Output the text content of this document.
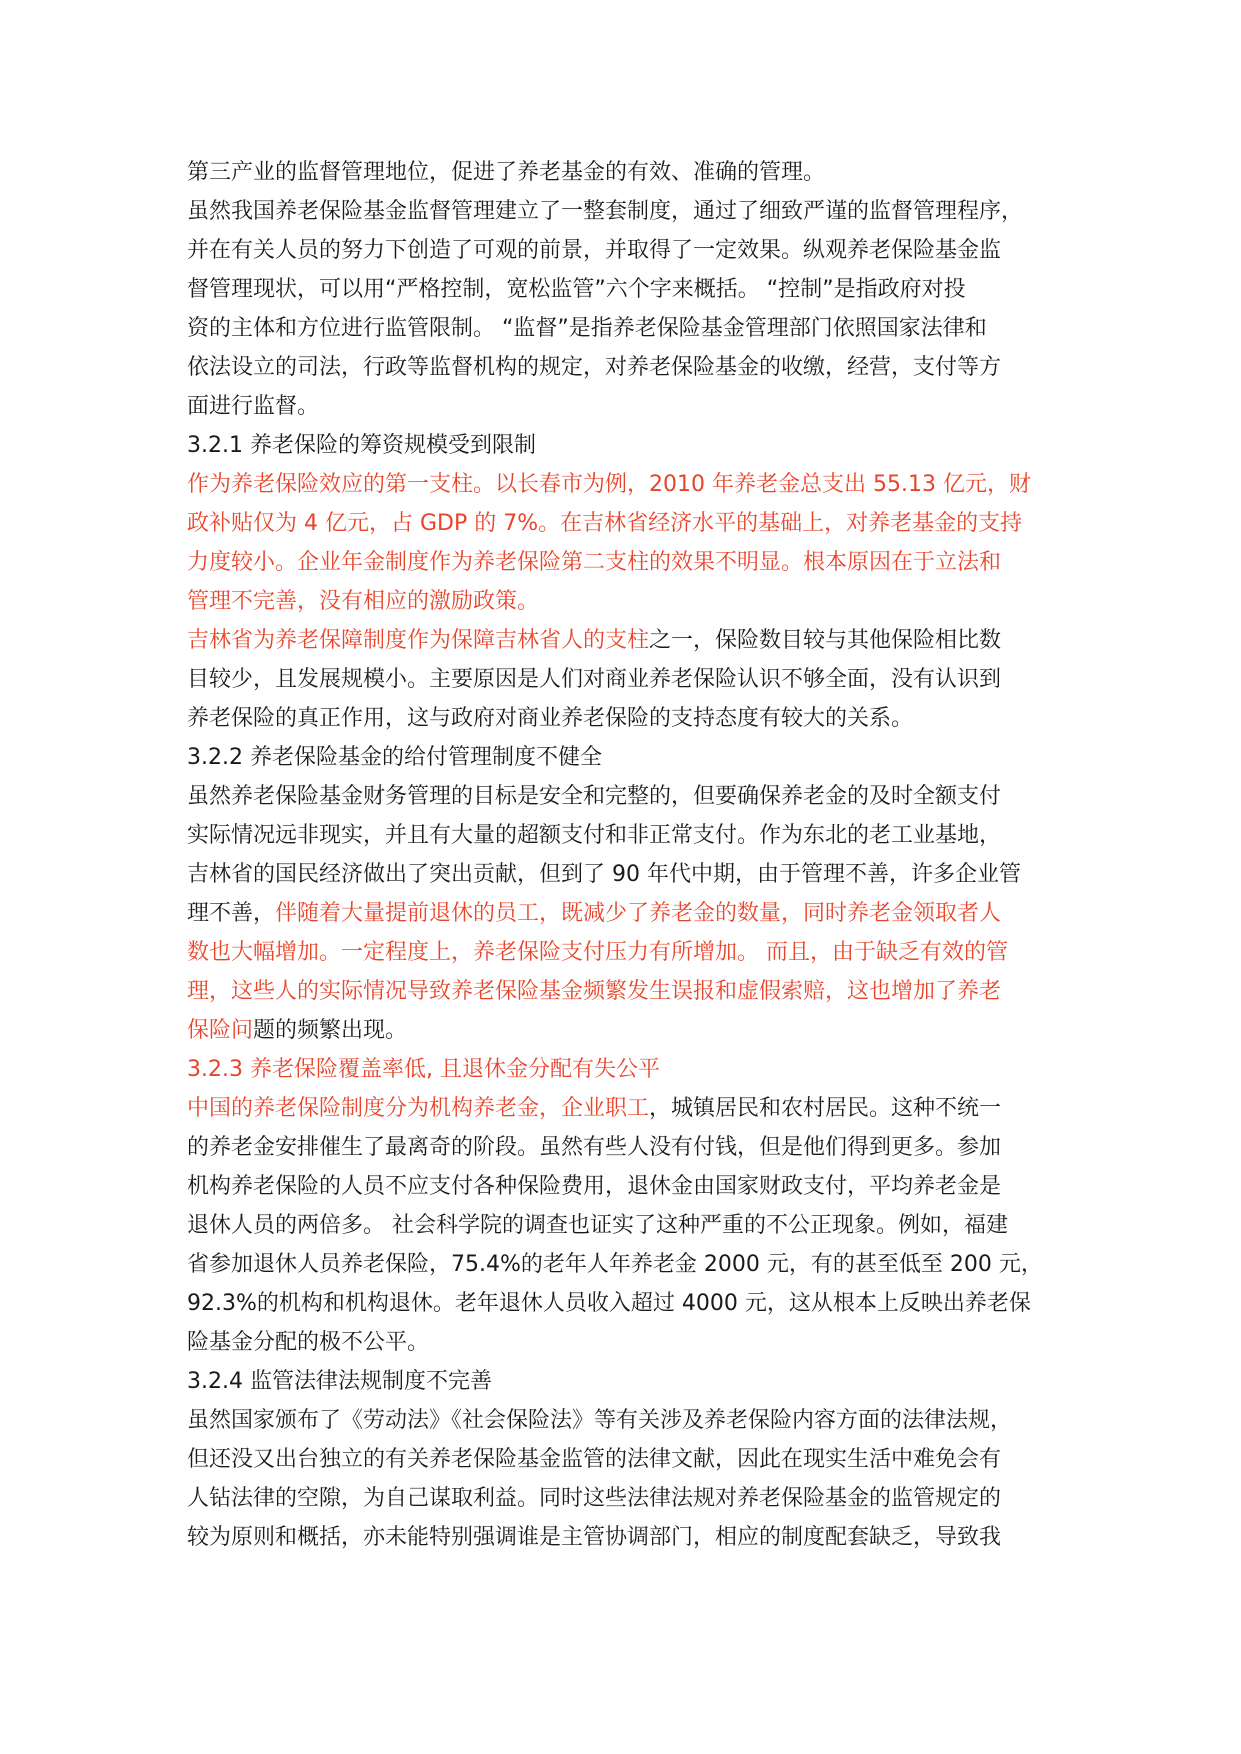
第三产业的监督管理地位，促进了养老基金的有效、准确的管理。
虽然我国养老保险基金监督管理建立了一整套制度，通过了细致严谨的监督管理程序，
并在有关人员的努力下创造了可观的前景，并取得了一定效果。纵观养老保险基金监
督管理现状，可以用“严格控制，宽松监管”六个字来概括。 “控制”是指政府对投
资的主体和方位进行监管限制。 “监督”是指养老保险基金管理部门依照国家法律和
依法设立的司法，行政等监督机构的规定，对养老保险基金的收缴，经营，支付等方
面进行监督。
3.2.1 养老保险的筹资规模受到限制
作为养老保险效应的第一支柱。以长春市为例，2010 年养老金总支出 55.13 亿元，财
政补贴仅为 4 亿元，占 GDP 的 7%。在吉林省经济水平的基础上，对养老基金的支持
力度较小。企业年金制度作为养老保险第二支柱的效果不明显。根本原因在于立法和
管理不完善，没有相应的激励政策。
吉林省为养老保障制度作为保障吉林省人的支柱之一，保险数目较与其他保险相比数
目较少，且发展规模小。主要原因是人们对商业养老保险认识不够全面，没有认识到
养老保险的真正作用，这与政府对商业养老保险的支持态度有较大的关系。
3.2.2 养老保险基金的给付管理制度不健全
虽然养老保险基金财务管理的目标是安全和完整的，但要确保养老金的及时全额支付
实际情况远非现实，并且有大量的超额支付和非正常支付。作为东北的老工业基地，
吉林省的国民经济做出了突出贡献，但到了 90 年代中期，由于管理不善，许多企业管
理不善，伴随着大量提前退休的员工，既减少了养老金的数量，同时养老金领取者人
数也大幅增加。一定程度上，养老保险支付压力有所增加。 而且，由于缺乏有效的管
理，这些人的实际情况导致养老保险基金频繁发生误报和虚假索赔，这也增加了养老
保险问题的频繁出现。
3.2.3 养老保险覆盖率低, 且退休金分配有失公平
中国的养老保险制度分为机构养老金，企业职工，城镇居民和农村居民。这种不统一
的养老金安排催生了最离奇的阶段。虽然有些人没有付钱，但是他们得到更多。参加
机构养老保险的人员不应支付各种保险费用，退休金由国家财政支付，平均养老金是
退休人员的两倍多。 社会科学院的调查也证实了这种严重的不公正现象。例如，福建
省参加退休人员养老保险，75.4%的老年人年养老金 2000 元，有的甚至低至 200 元，
92.3%的机构和机构退休。老年退休人员收入超过 4000 元，这从根本上反映出养老保
险基金分配的极不公平。
3.2.4 监管法律法规制度不完善
虽然国家颁布了《劳动法》《社会保险法》等有关涉及养老保险内容方面的法律法规，
但还没又出台独立的有关养老保险基金监管的法律文献，因此在现实生活中难免会有
人钻法律的空隙，为自己谋取利益。同时这些法律法规对养老保险基金的监管规定的
较为原则和概括，亦未能特别强调谁是主管协调部门，相应的制度配套缺乏，导致我
